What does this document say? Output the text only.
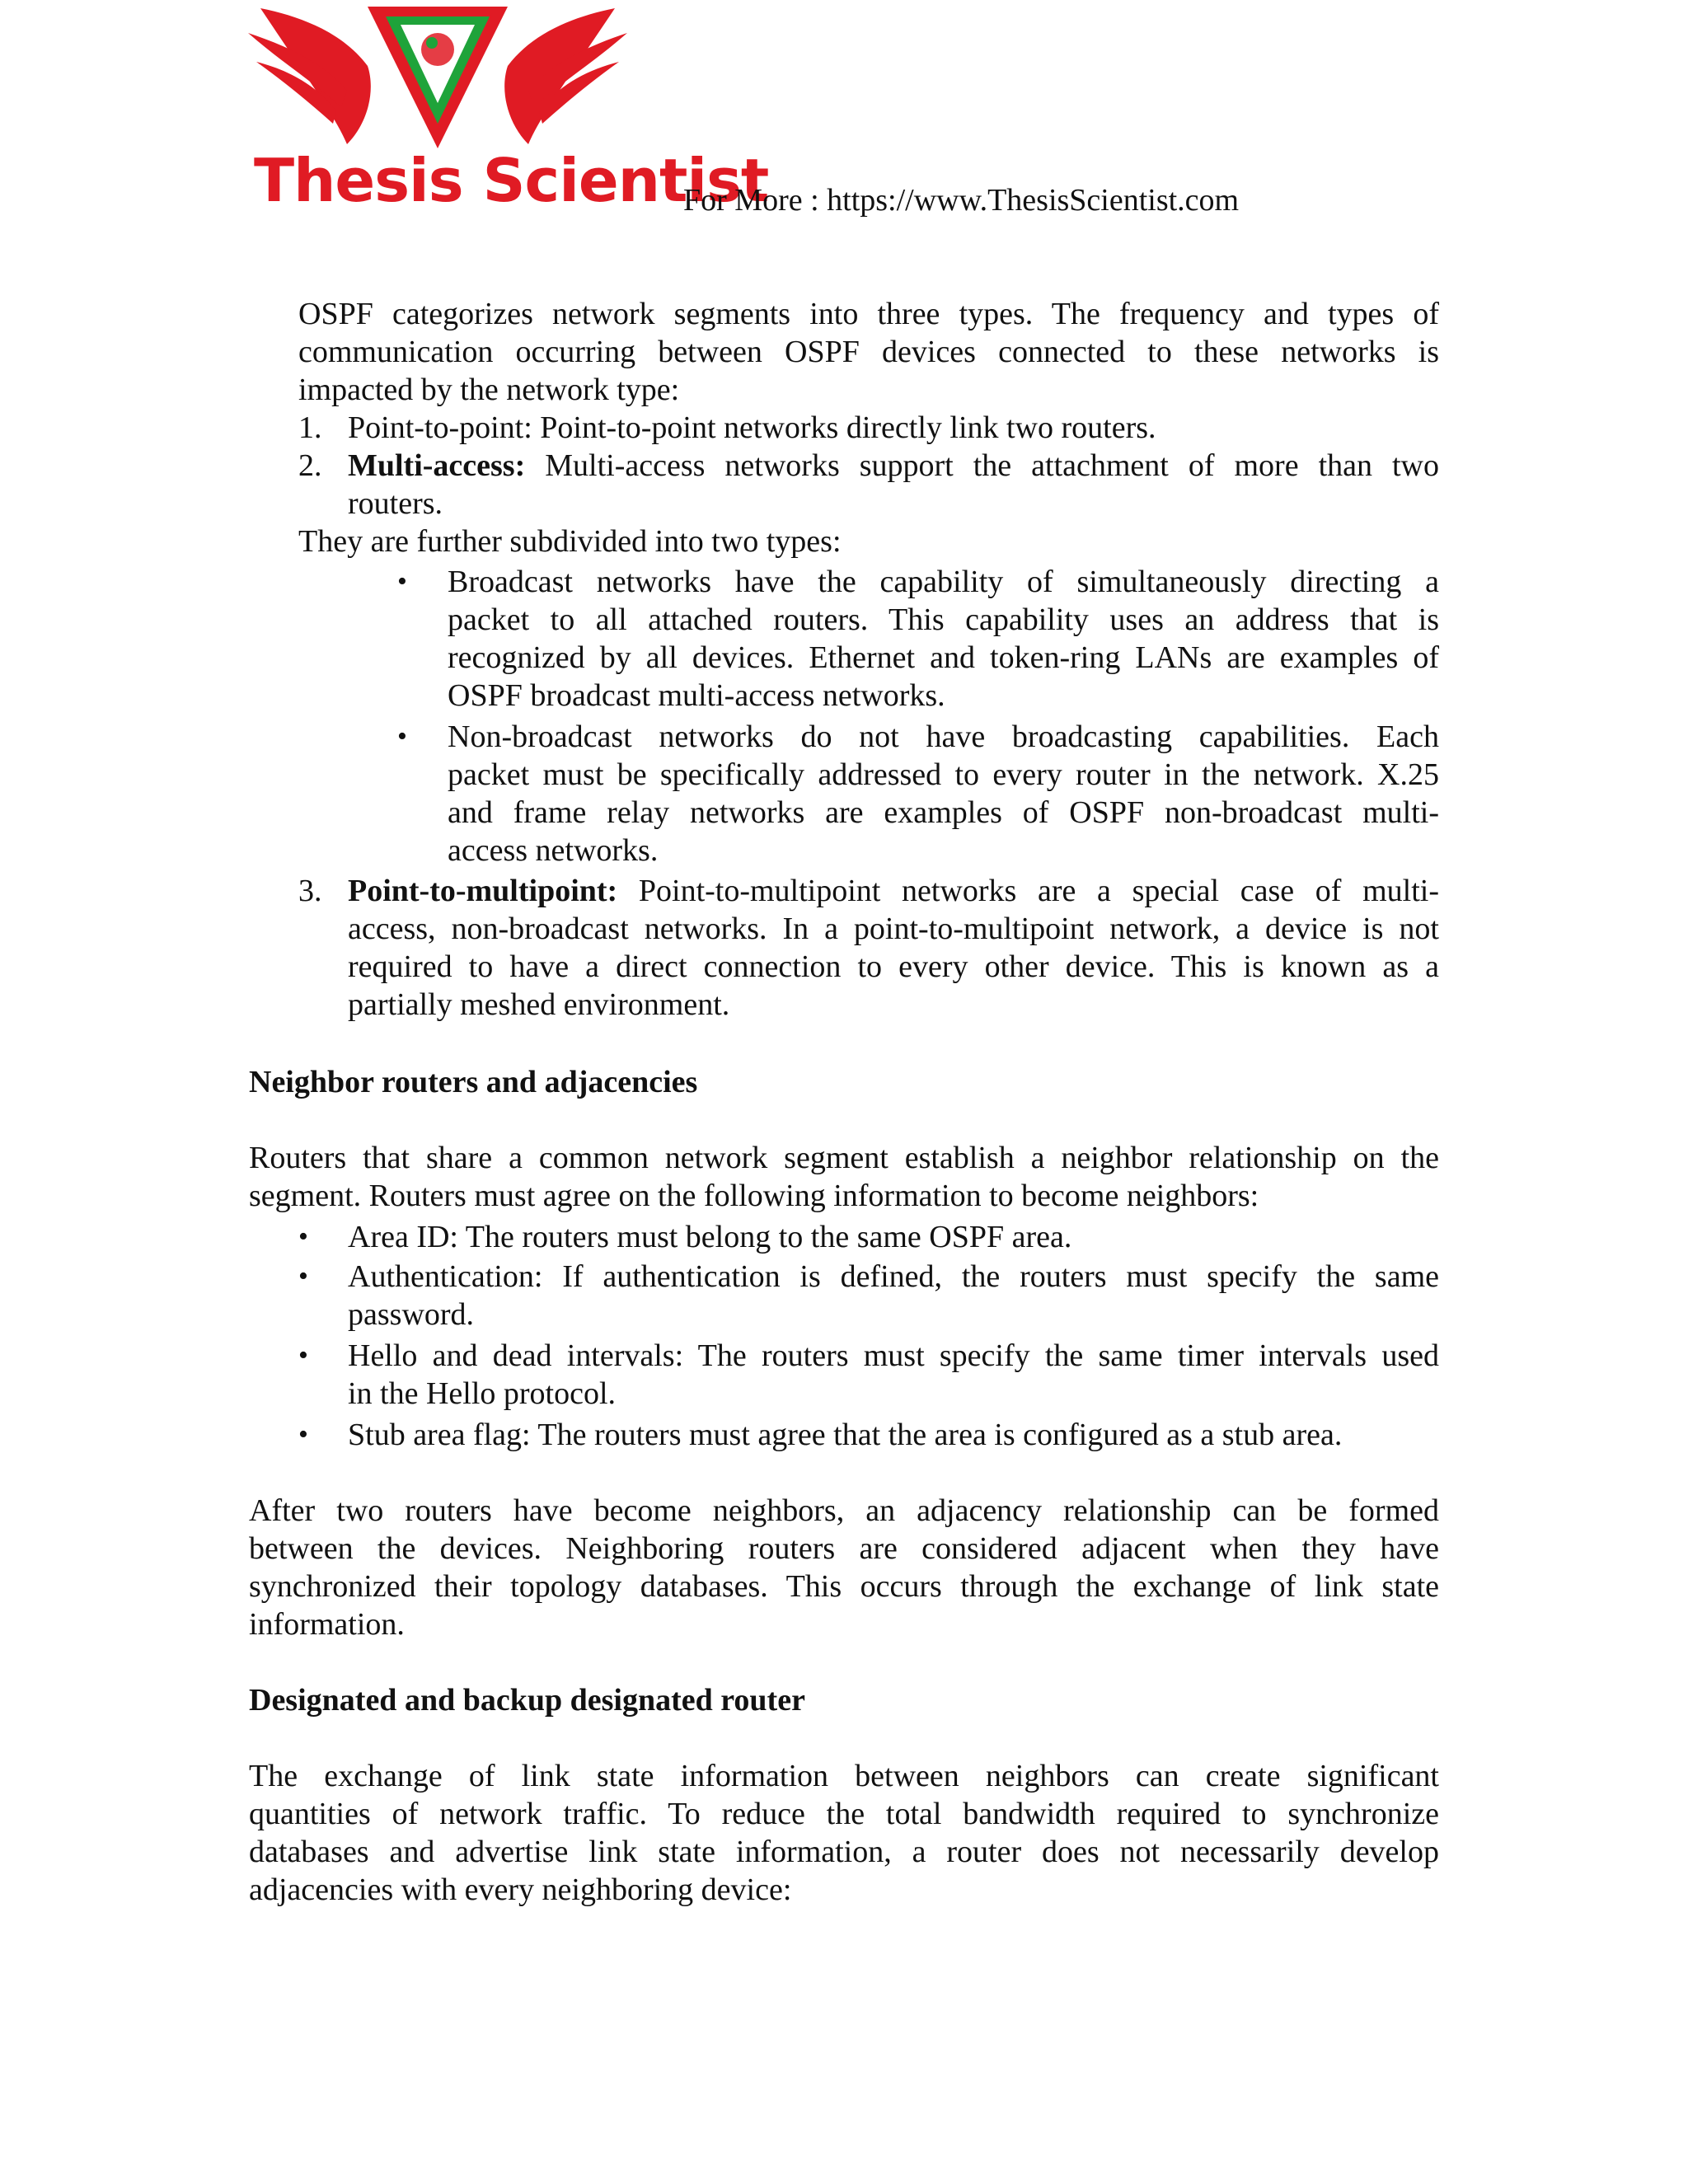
Thesis Scientist
For More : https://www.ThesisScientist.com

OSPF categorizes network segments into three types. The frequency and types of

communication occurring between OSPF devices connected to these networks is

impacted by the network type:

1. Point-to-point: Point-to-point networks directly link two routers.

2. Multi-access: Multi-access networks support the attachment of more than two

routers.

They are further subdivided into two types:

• Broadcast networks have the capability of simultaneously directing a

packet to all attached routers. This capability uses an address that is

recognized by all devices. Ethernet and token-ring LANs are examples of

OSPF broadcast multi-access networks.

• Non-broadcast networks do not have broadcasting capabilities. Each

packet must be specifically addressed to every router in the network. X.25

and frame relay networks are examples of OSPF non-broadcast multi-

access networks.

3. Point-to-multipoint: Point-to-multipoint networks are a special case of multi-

access, non-broadcast networks. In a point-to-multipoint network, a device is not

required to have a direct connection to every other device. This is known as a

partially meshed environment.

Neighbor routers and adjacencies

Routers that share a common network segment establish a neighbor relationship on the

segment. Routers must agree on the following information to become neighbors:

• Area ID: The routers must belong to the same OSPF area.

• Authentication: If authentication is defined, the routers must specify the same

password.

• Hello and dead intervals: The routers must specify the same timer intervals used

in the Hello protocol.

• Stub area flag: The routers must agree that the area is configured as a stub area.

After two routers have become neighbors, an adjacency relationship can be formed

between the devices. Neighboring routers are considered adjacent when they have

synchronized their topology databases. This occurs through the exchange of link state

information.

Designated and backup designated router

The exchange of link state information between neighbors can create significant

quantities of network traffic. To reduce the total bandwidth required to synchronize

databases and advertise link state information, a router does not necessarily develop

adjacencies with every neighboring device:
